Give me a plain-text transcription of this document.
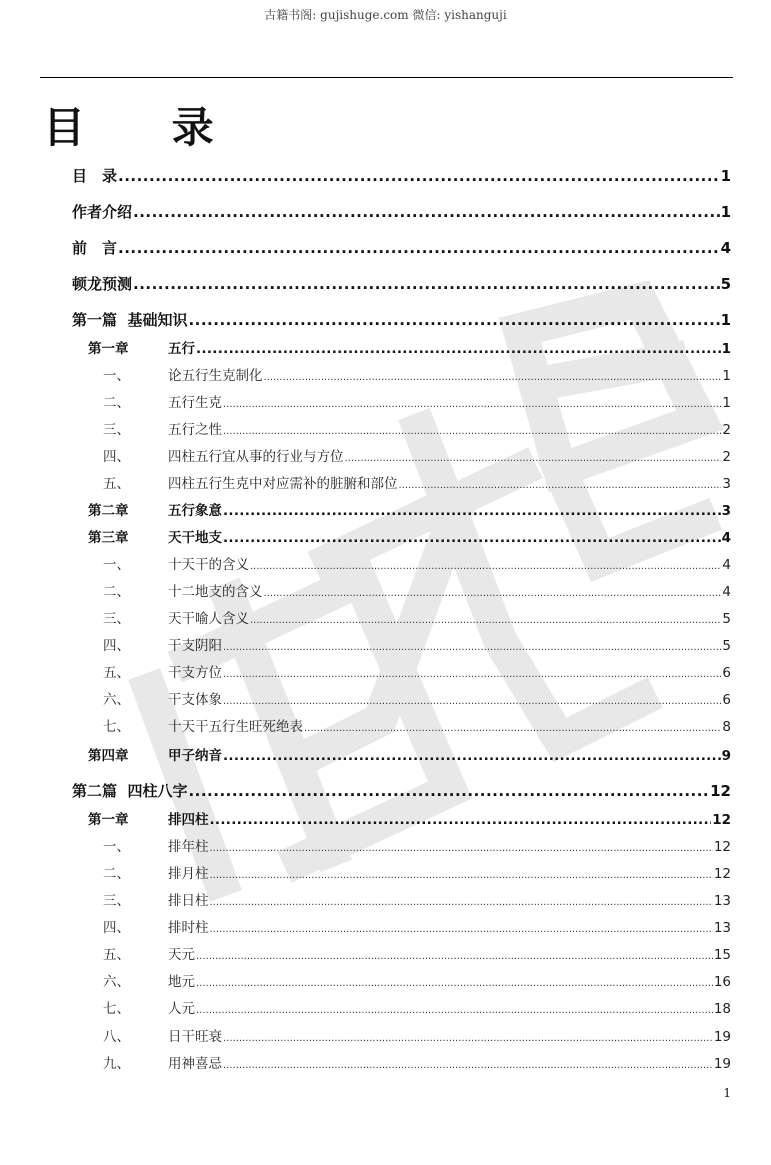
古籍书阁: gujishuge.com 微信: yishanguji
目 录
目　录 .....	1
作者介绍 .....	1
前　言 .....	4
顿龙预测 .....	5
第一篇  基础知识 .....	1
第一章	五行 .....	1
一、	论五行生克制化 .....	1
二、	五行生克 .....	1
三、	五行之性 .....	2
四、	四柱五行宜从事的行业与方位 .....	2
五、	四柱五行生克中对应需补的脏腑和部位 .....	3
第二章	五行象意 .....	3
第三章	天干地支 .....	4
一、	十天干的含义 .....	4
二、	十二地支的含义 .....	4
三、	天干喻人含义 .....	5
四、	干支阴阳 .....	5
五、	干支方位 .....	6
六、	干支体象 .....	6
七、	十天干五行生旺死绝表 .....	8
第四章	甲子纳音 .....	9
第二篇  四柱八字 .....	12
第一章	排四柱 .....	12
一、	排年柱 .....	12
二、	排月柱 .....	12
三、	排日柱 .....	13
四、	排时柱 .....	13
五、	天元 .....	15
六、	地元 .....	16
七、	人元 .....	18
八、	日干旺衰 .....	19
九、	用神喜忌 .....	19
1
